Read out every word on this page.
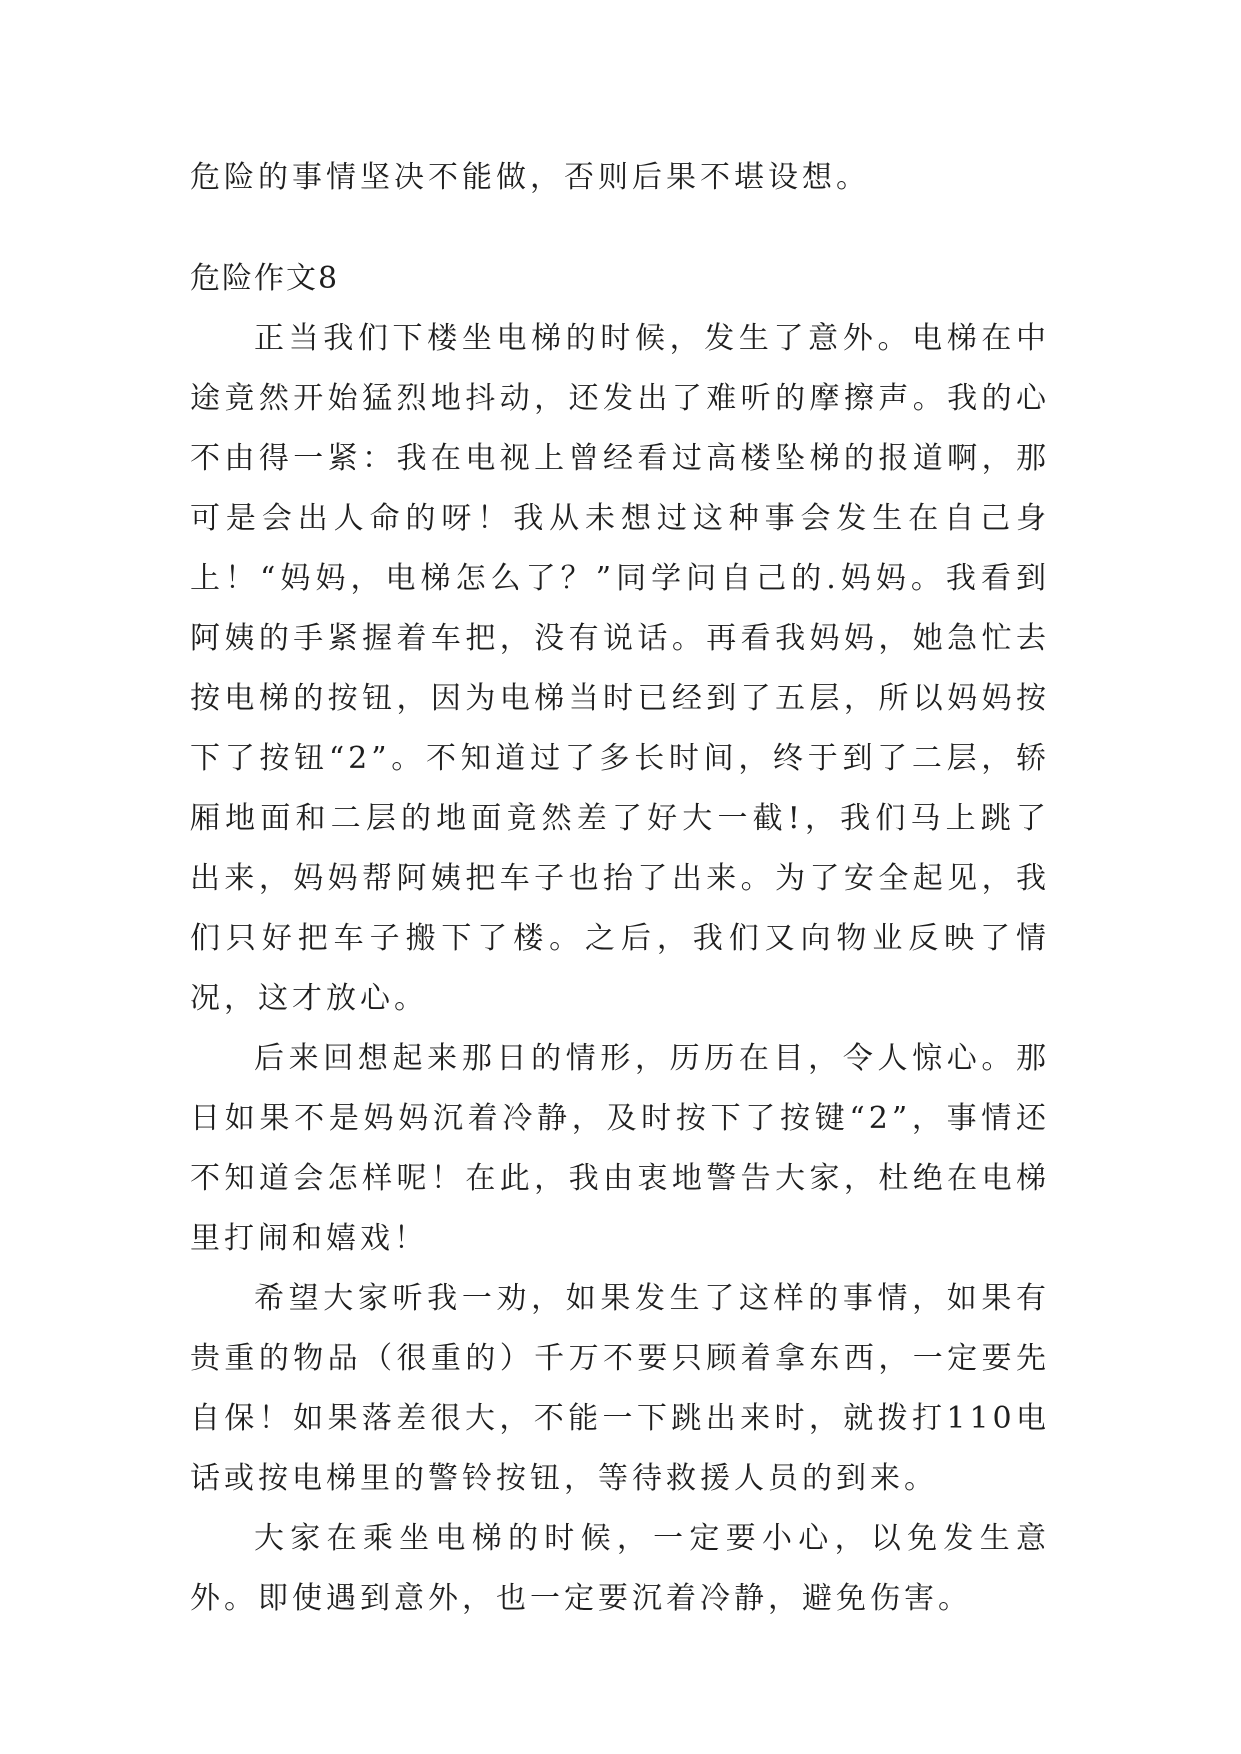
危险的事情坚决不能做，否则后果不堪设想。

危险作文8

正当我们下楼坐电梯的时候，发生了意外。电梯在中途竟然开始猛烈地抖动，还发出了难听的摩擦声。我的心不由得一紧：我在电视上曾经看过高楼坠梯的报道啊，那可是会出人命的呀！我从未想过这种事会发生在自己身上！“妈妈，电梯怎么了？”同学问自己的.妈妈。我看到阿姨的手紧握着车把，没有说话。再看我妈妈，她急忙去按电梯的按钮，因为电梯当时已经到了五层，所以妈妈按下了按钮“2”。不知道过了多长时间，终于到了二层，轿厢地面和二层的地面竟然差了好大一截!，我们马上跳了出来，妈妈帮阿姨把车子也抬了出来。为了安全起见，我们只好把车子搬下了楼。之后，我们又向物业反映了情况，这才放心。

后来回想起来那日的情形，历历在目，令人惊心。那日如果不是妈妈沉着冷静，及时按下了按键“2”，事情还不知道会怎样呢！在此，我由衷地警告大家，杜绝在电梯里打闹和嬉戏！

希望大家听我一劝，如果发生了这样的事情，如果有贵重的物品（很重的）千万不要只顾着拿东西，一定要先自保！如果落差很大，不能一下跳出来时，就拨打110电话或按电梯里的警铃按钮，等待救援人员的到来。

大家在乘坐电梯的时候，一定要小心，以免发生意外。即使遇到意外，也一定要沉着冷静，避免伤害。
